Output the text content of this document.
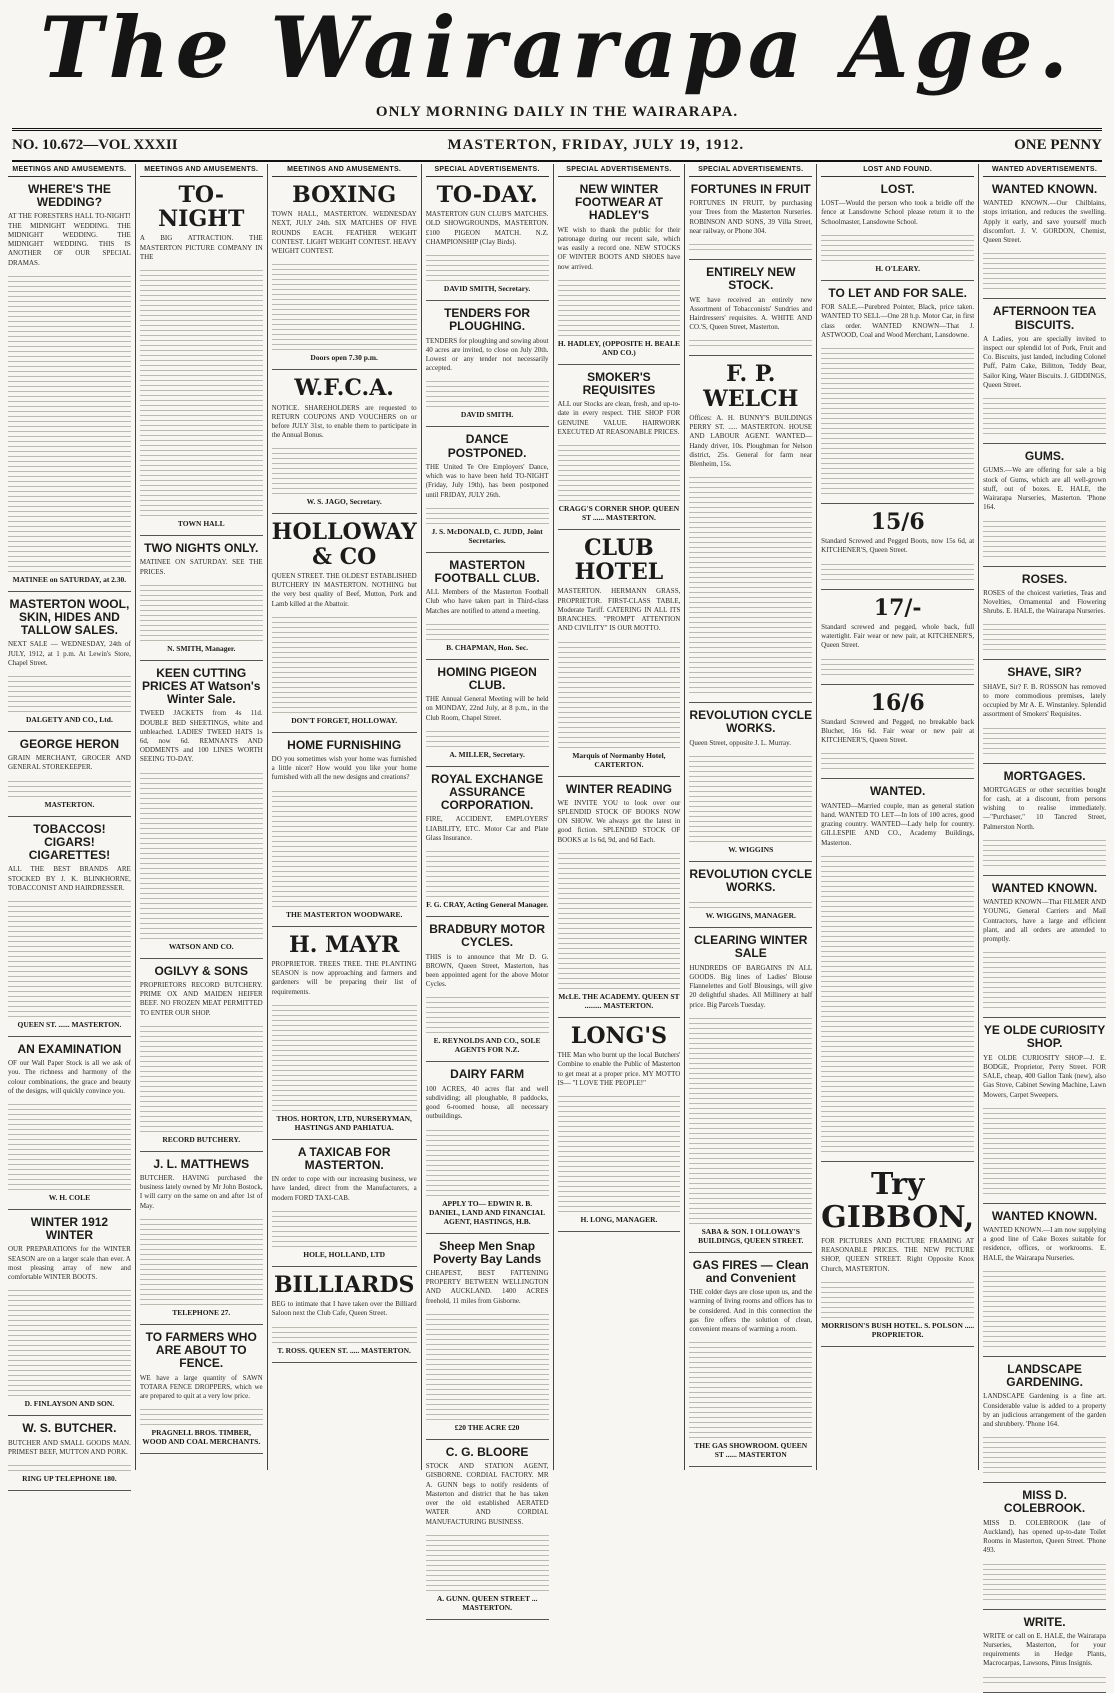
The Wairarapa Age.
ONLY MORNING DAILY IN THE WAIRARAPA.
NO. 10.672—VOL XXXII	MASTERTON, FRIDAY, JULY 19, 1912.	ONE PENNY
MEETINGS AND AMUSEMENTS.
WHERE'S THE WEDDING?
AT THE FORESTERS HALL TO-NIGHT! THE MIDNIGHT WEDDING. THE MIDNIGHT WEDDING. THE MIDNIGHT WEDDING. THIS IS ANOTHER OF OUR SPECIAL DRAMAS.
MATINEE on SATURDAY, at 2.30.
MASTERTON WOOL, SKIN, HIDES AND TALLOW SALES.
NEXT SALE — WEDNESDAY, 24th of JULY, 1912, at 1 p.m. At Lewin's Store, Chapel Street.
DALGETY AND CO., Ltd.
GEORGE HERON
GRAIN MERCHANT, GROCER AND GENERAL STOREKEEPER.
MASTERTON.
TOBACCOS! CIGARS! CIGARETTES!
ALL THE BEST BRANDS ARE STOCKED BY J. K. BLINKHORNE, TOBACCONIST AND HAIRDRESSER.
QUEEN ST. ...... MASTERTON.
AN EXAMINATION
OF our Wall Paper Stock is all we ask of you. The richness and harmony of the colour combinations, the grace and beauty of the designs, will quickly convince you.
W. H. COLE
WINTER 1912 WINTER
OUR PREPARATIONS for the WINTER SEASON are on a larger scale than ever. A most pleasing array of new and comfortable WINTER BOOTS.
D. FINLAYSON AND SON.
W. S. BUTCHER.
BUTCHER AND SMALL GOODS MAN. PRIMEST BEEF, MUTTON AND PORK.
RING UP TELEPHONE 180.
MEETINGS AND AMUSEMENTS.
TO-NIGHT
A BIG ATTRACTION. THE MASTERTON PICTURE COMPANY IN THE
TOWN HALL
TWO NIGHTS ONLY.
MATINEE ON SATURDAY. SEE THE PRICES.
N. SMITH, Manager.
KEEN CUTTING PRICES AT Watson's Winter Sale.
TWEED JACKETS from 4s 11d. DOUBLE BED SHEETINGS, white and unbleached. LADIES' TWEED HATS 1s 6d, now 6d. REMNANTS AND ODDMENTS and 100 LINES WORTH SEEING TO-DAY.
WATSON AND CO.
OGILVY & SONS
PROPRIETORS RECORD BUTCHERY. PRIME OX AND MAIDEN HEIFER BEEF. NO FROZEN MEAT PERMITTED TO ENTER OUR SHOP.
RECORD BUTCHERY.
J. L. MATTHEWS
BUTCHER. HAVING purchased the business lately owned by Mr John Bostock, I will carry on the same on and after 1st of May.
TELEPHONE 27.
TO FARMERS WHO ARE ABOUT TO FENCE.
WE have a large quantity of SAWN TOTARA FENCE DROPPERS, which we are prepared to quit at a very low price.
PRAGNELL BROS. TIMBER, WOOD AND COAL MERCHANTS.
MEETINGS AND AMUSEMENTS.
BOXING
TOWN HALL, MASTERTON. WEDNESDAY NEXT, JULY 24th. SIX MATCHES OF FIVE ROUNDS EACH. FEATHER WEIGHT CONTEST. LIGHT WEIGHT CONTEST. HEAVY WEIGHT CONTEST.
Doors open 7.30 p.m.
W.F.C.A.
NOTICE. SHAREHOLDERS are requested to RETURN COUPONS AND VOUCHERS on or before JULY 31st, to enable them to participate in the Annual Bonus.
W. S. JAGO, Secretary.
HOLLOWAY & CO
QUEEN STREET. THE OLDEST ESTABLISHED BUTCHERY IN MASTERTON. NOTHING but the very best quality of Beef, Mutton, Pork and Lamb killed at the Abattoir.
DON'T FORGET, HOLLOWAY.
HOME FURNISHING
DO you sometimes wish your home was furnished a little nicer? How would you like your home furnished with all the new designs and creations?
THE MASTERTON WOODWARE.
H. MAYR
PROPRIETOR. TREES TREE. THE PLANTING SEASON is now approaching and farmers and gardeners will be preparing their list of requirements.
THOS. HORTON, LTD, NURSERYMAN, HASTINGS AND PAHIATUA.
A TAXICAB FOR MASTERTON.
IN order to cope with our increasing business, we have landed, direct from the Manufacturers, a modern FORD TAXI-CAB.
HOLE, HOLLAND, LTD
BILLIARDS
BEG to intimate that I have taken over the Billiard Saloon next the Club Cafe, Queen Street.
T. ROSS. QUEEN ST. ..... MASTERTON.
SPECIAL ADVERTISEMENTS.
TO-DAY.
MASTERTON GUN CLUB'S MATCHES. OLD SHOWGROUNDS, MASTERTON. £100 PIGEON MATCH. N.Z. CHAMPIONSHIP (Clay Birds).
DAVID SMITH, Secretary.
TENDERS FOR PLOUGHING.
TENDERS for ploughing and sowing about 40 acres are invited, to close on July 20th. Lowest or any tender not necessarily accepted.
DAVID SMITH.
DANCE POSTPONED.
THE United Te Ore Employers' Dance, which was to have been held TO-NIGHT (Friday, July 19th), has been postponed until FRIDAY, JULY 26th.
J. S. McDONALD, C. JUDD, Joint Secretaries.
MASTERTON FOOTBALL CLUB.
ALL Members of the Masterton Football Club who have taken part in Third-class Matches are notified to attend a meeting.
B. CHAPMAN, Hon. Sec.
HOMING PIGEON CLUB.
THE Annual General Meeting will be held on MONDAY, 22nd July, at 8 p.m., in the Club Room, Chapel Street.
A. MILLER, Secretary.
ROYAL EXCHANGE ASSURANCE CORPORATION.
FIRE, ACCIDENT, EMPLOYERS' LIABILITY, ETC. Motor Car and Plate Glass Insurance.
F. G. CRAY, Acting General Manager.
BRADBURY MOTOR CYCLES.
THIS is to announce that Mr D. G. BROWN, Queen Street, Masterton, has been appointed agent for the above Motor Cycles.
E. REYNOLDS AND CO., SOLE AGENTS FOR N.Z.
DAIRY FARM
100 ACRES, 40 acres flat and well subdividing; all ploughable, 8 paddocks, good 6-roomed house, all necessary outbuildings.
APPLY TO— EDWIN R. B. DANIEL, LAND AND FINANCIAL AGENT, HASTINGS, H.B.
Sheep Men Snap Poverty Bay Lands
CHEAPEST, BEST FATTENING PROPERTY BETWEEN WELLINGTON AND AUCKLAND. 1400 ACRES freehold, 11 miles from Gisborne.
£20 THE ACRE £20
C. G. BLOORE
STOCK AND STATION AGENT, GISBORNE. CORDIAL FACTORY. MR A. GUNN begs to notify residents of Masterton and district that he has taken over the old established AERATED WATER AND CORDIAL MANUFACTURING BUSINESS.
A. GUNN. QUEEN STREET ... MASTERTON.
SPECIAL ADVERTISEMENTS.
NEW WINTER FOOTWEAR AT HADLEY'S
WE wish to thank the public for their patronage during our recent sale, which was easily a record one. NEW STOCKS OF WINTER BOOTS AND SHOES have now arrived.
H. HADLEY, (OPPOSITE H. BEALE AND CO.)
SMOKER'S REQUISITES
ALL our Stocks are clean, fresh, and up-to-date in every respect. THE SHOP FOR GENUINE VALUE. HAIRWORK EXECUTED AT REASONABLE PRICES.
CRAGG'S CORNER SHOP. QUEEN ST ...... MASTERTON.
CLUB HOTEL
MASTERTON. HERMANN GRASS, PROPRIETOR. FIRST-CLASS TABLE, Moderate Tariff. CATERING IN ALL ITS BRANCHES. "PROMPT ATTENTION AND CIVILITY" IS OUR MOTTO.
Marquis of Normanby Hotel, CARTERTON.
WINTER READING
WE INVITE YOU to look over our SPLENDID STOCK OF BOOKS NOW ON SHOW. We always get the latest in good fiction. SPLENDID STOCK OF BOOKS at 1s 6d, 9d, and 6d Each.
McLE. THE ACADEMY. QUEEN ST ......... MASTERTON.
LONG'S
THE Man who burnt up the local Butchers' Combine to enable the Public of Masterton to get meat at a proper price. MY MOTTO IS— "I LOVE THE PEOPLE!"
H. LONG, MANAGER.
SPECIAL ADVERTISEMENTS.
FORTUNES IN FRUIT
FORTUNES IN FRUIT, by purchasing your Trees from the Masterton Nurseries. ROBINSON AND SONS, 39 Villa Street, near railway, or Phone 304.
ENTIRELY NEW STOCK.
WE have received an entirely new Assortment of Tobacconists' Sundries and Hairdressers' requisites. A. WHITE AND CO.'S, Queen Street, Masterton.
F. P. WELCH
Offices: A. H. BUNNY'S BUILDINGS PERRY ST. ..... MASTERTON. HOUSE AND LABOUR AGENT. WANTED— Handy driver, 10s. Ploughman for Nelson district, 25s. General for farm near Blenheim, 15s.
REVOLUTION CYCLE WORKS.
Queen Street, opposite J. L. Murray.
W. WIGGINS
REVOLUTION CYCLE WORKS.
W. WIGGINS, MANAGER.
CLEARING WINTER SALE
HUNDREDS OF BARGAINS IN ALL GOODS. Big lines of Ladies' Blouse Flannelettes and Golf Blousings, will give 20 delightful shades. All Millinery at half price. Big Parcels Tuesday.
SABA & SON. I OLLOWAY'S BUILDINGS, QUEEN STREET.
GAS FIRES — Clean and Convenient
THE colder days are close upon us, and the warming of living rooms and offices has to be considered. And in this connection the gas fire offers the solution of clean, convenient means of warming a room.
THE GAS SHOWROOM. QUEEN ST ...... MASTERTON
LOST AND FOUND.
LOST.
LOST—Would the person who took a bridle off the fence at Lansdowne School please return it to the Schoolmaster, Lansdowne School.
H. O'LEARY.
TO LET AND FOR SALE.
FOR SALE.—Purebred Pointer, Black, price taken. WANTED TO SELL—One 28 h.p. Motor Car, in first class order. WANTED KNOWN—That J. ASTWOOD, Coal and Wood Merchant, Lansdowne.
15/6
Standard Screwed and Pegged Boots, now 15s 6d, at KITCHENER'S, Queen Street.
17/-
Standard screwed and pegged, whole back, full watertight. Fair wear or new pair, at KITCHENER'S, Queen Street.
16/6
Standard Screwed and Pegged, no breakable back Blucher, 16s 6d. Fair wear or new pair at KITCHENER'S, Queen Street.
WANTED.
WANTED—Married couple, man as general station hand. WANTED TO LET—In lots of 100 acres, good grazing country. WANTED—Lady help for country. GILLESPIE AND CO., Academy Buildings, Masterton.
Try GIBBON,
FOR PICTURES AND PICTURE FRAMING AT REASONABLE PRICES. THE NEW PICTURE SHOP, QUEEN STREET. Right Opposite Knox Church, MASTERTON.
MORRISON'S BUSH HOTEL. S. POLSON ..... PROPRIETOR.
WANTED ADVERTISEMENTS.
WANTED KNOWN.
WANTED KNOWN.—Our Chilblains, stops irritation, and reduces the swelling. Apply it early, and save yourself much discomfort. J. V. GORDON, Chemist, Queen Street.
AFTERNOON TEA BISCUITS.
A Ladies, you are specially invited to inspect our splendid lot of Pork, Fruit and Co. Biscuits, just landed, including Colonel Puff, Palm Cake, Bilitton, Teddy Bear, Sailor King, Water Biscuits. J. GIDDINGS, Queen Street.
GUMS.
GUMS.—We are offering for sale a big stock of Gums, which are all well-grown stuff, out of boxes. E. HALE, the Wairarapa Nurseries, Masterton. 'Phone 164.
ROSES.
ROSES of the choicest varieties, Teas and Novelties, Ornamental and Flowering Shrubs. E. HALE, the Wairarapa Nurseries.
SHAVE, SIR?
SHAVE, Sir? F. B. ROSSON has removed to more commodious premises, lately occupied by Mr A. E. Winstanley. Splendid assortment of Smokers' Requisites.
MORTGAGES.
MORTGAGES or other securities bought for cash, at a discount, from persons wishing to realise immediately.—"Purchaser," 10 Tancred Street, Palmerston North.
WANTED KNOWN.
WANTED KNOWN—That FILMER AND YOUNG, General Carriers and Mail Contractors, have a large and efficient plant, and all orders are attended to promptly.
YE OLDE CURIOSITY SHOP.
YE OLDE CURIOSITY SHOP—J. E. BODGE, Proprietor, Perry Street. FOR SALE, cheap, 400 Gallon Tank (new), also Gas Stove, Cabinet Sewing Machine, Lawn Mowers, Carpet Sweepers.
WANTED KNOWN.
WANTED KNOWN.—I am now supplying a good line of Cake Boxes suitable for residence, offices, or workrooms. E. HALE, the Wairarapa Nurseries.
LANDSCAPE GARDENING.
LANDSCAPE Gardening is a fine art. Considerable value is added to a property by an judicious arrangement of the garden and shrubbery. 'Phone 164.
MISS D. COLEBROOK.
MISS D. COLEBROOK (late of Auckland), has opened up-to-date Toilet Rooms in Masterton, Queen Street. 'Phone 493.
WRITE.
WRITE or call on E. HALE, the Wairarapa Nurseries, Masterton, for your requirements in Hedge Plants, Macrocarpas, Lawsons, Pinus Insignis.
